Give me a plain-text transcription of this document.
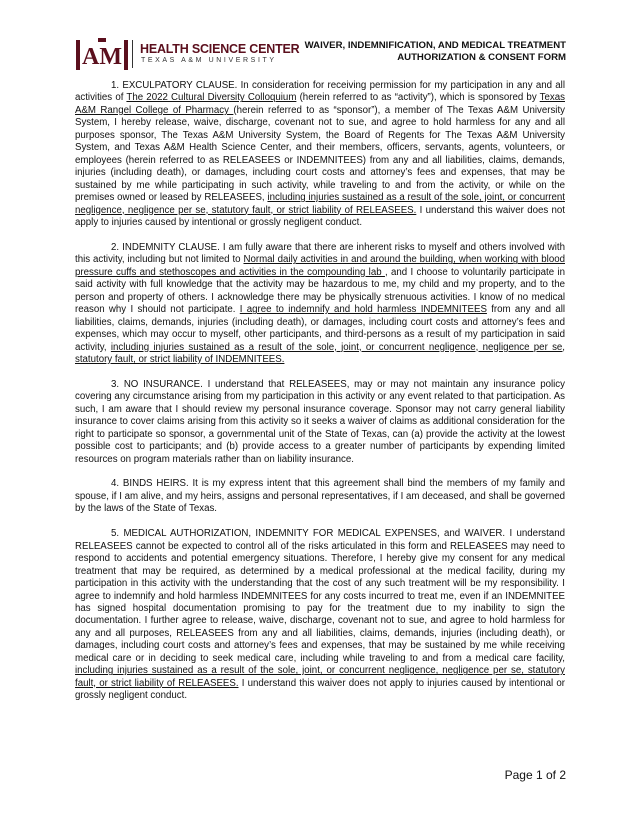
AM HEALTH SCIENCE CENTER
TEXAS A&M UNIVERSITY
WAIVER, INDEMNIFICATION, AND MEDICAL TREATMENT
AUTHORIZATION & CONSENT FORM

1. EXCULPATORY CLAUSE. In consideration for receiving permission for my participation in any and all activities of The 2022 Cultural Diversity Colloquium (herein referred to as “activity”), which is sponsored by Texas A&M Rangel College of Pharmacy (herein referred to as “sponsor”), a member of The Texas A&M University System, I hereby release, waive, discharge, covenant not to sue, and agree to hold harmless for any and all purposes sponsor, The Texas A&M University System, the Board of Regents for The Texas A&M University System, and Texas A&M Health Science Center, and their members, officers, servants, agents, volunteers, or employees (herein referred to as RELEASEES or INDEMNITEES) from any and all liabilities, claims, demands, injuries (including death), or damages, including court costs and attorney’s fees and expenses, that may be sustained by me while participating in such activity, while traveling to and from the activity, or while on the premises owned or leased by RELEASEES, including injuries sustained as a result of the sole, joint, or concurrent negligence, negligence per se, statutory fault, or strict liability of RELEASEES. I understand this waiver does not apply to injuries caused by intentional or grossly negligent conduct.

2. INDEMNITY CLAUSE. I am fully aware that there are inherent risks to myself and others involved with this activity, including but not limited to Normal daily activities in and around the building, when working with blood pressure cuffs and stethoscopes and activities in the compounding lab , and I choose to voluntarily participate in said activity with full knowledge that the activity may be hazardous to me, my child and my property, and to the person and property of others. I acknowledge there may be physically strenuous activities. I know of no medical reason why I should not participate. I agree to indemnify and hold harmless INDEMNITEES from any and all liabilities, claims, demands, injuries (including death), or damages, including court costs and attorney’s fees and expenses, which may occur to myself, other participants, and third-persons as a result of my participation in said activity, including injuries sustained as a result of the sole, joint, or concurrent negligence, negligence per se, statutory fault, or strict liability of INDEMNITEES.

3. NO INSURANCE. I understand that RELEASEES, may or may not maintain any insurance policy covering any circumstance arising from my participation in this activity or any event related to that participation. As such, I am aware that I should review my personal insurance coverage. Sponsor may not carry general liability insurance to cover claims arising from this activity so it seeks a waiver of claims as additional consideration for the right to participate so sponsor, a governmental unit of the State of Texas, can (a) provide the activity at the lowest possible cost to participants; and (b) provide access to a greater number of participants by expending limited resources on program materials rather than on liability insurance.

4. BINDS HEIRS. It is my express intent that this agreement shall bind the members of my family and spouse, if I am alive, and my heirs, assigns and personal representatives, if I am deceased, and shall be governed by the laws of the State of Texas.

5. MEDICAL AUTHORIZATION, INDEMNITY FOR MEDICAL EXPENSES, and WAIVER. I understand RELEASEES cannot be expected to control all of the risks articulated in this form and RELEASEES may need to respond to accidents and potential emergency situations. Therefore, I hereby give my consent for any medical treatment that may be required, as determined by a medical professional at the medical facility, during my participation in this activity with the understanding that the cost of any such treatment will be my responsibility. I agree to indemnify and hold harmless INDEMNITEES for any costs incurred to treat me, even if an INDEMNITEE has signed hospital documentation promising to pay for the treatment due to my inability to sign the documentation. I further agree to release, waive, discharge, covenant not to sue, and agree to hold harmless for any and all purposes, RELEASEES from any and all liabilities, claims, demands, injuries (including death), or damages, including court costs and attorney’s fees and expenses, that may be sustained by me while receiving medical care or in deciding to seek medical care, including while traveling to and from a medical care facility, including injuries sustained as a result of the sole, joint, or concurrent negligence, negligence per se, statutory fault, or strict liability of RELEASEES. I understand this waiver does not apply to injuries caused by intentional or grossly negligent conduct.

Page 1 of 2
